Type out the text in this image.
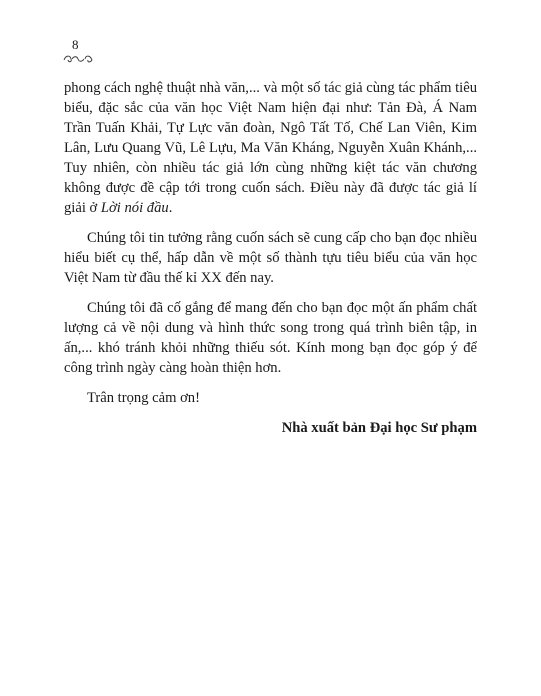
8

phong cách nghệ thuật nhà văn,... và một số tác giả cùng tác phẩm tiêu biểu, đặc sắc của văn học Việt Nam hiện đại như: Tản Đà, Á Nam Trần Tuấn Khải, Tự Lực văn đoàn, Ngô Tất Tố, Chế Lan Viên, Kim Lân, Lưu Quang Vũ, Lê Lựu, Ma Văn Kháng, Nguyễn Xuân Khánh,... Tuy nhiên, còn nhiều tác giả lớn cùng những kiệt tác văn chương không được đề cập tới trong cuốn sách. Điều này đã được tác giả lí giải ở Lời nói đầu.

Chúng tôi tin tưởng rằng cuốn sách sẽ cung cấp cho bạn đọc nhiều hiểu biết cụ thể, hấp dẫn về một số thành tựu tiêu biểu của văn học Việt Nam từ đầu thế kỉ XX đến nay.

Chúng tôi đã cố gắng để mang đến cho bạn đọc một ấn phẩm chất lượng cả về nội dung và hình thức song trong quá trình biên tập, in ấn,... khó tránh khỏi những thiếu sót. Kính mong bạn đọc góp ý để công trình ngày càng hoàn thiện hơn.

Trân trọng cảm ơn!

Nhà xuất bản Đại học Sư phạm
